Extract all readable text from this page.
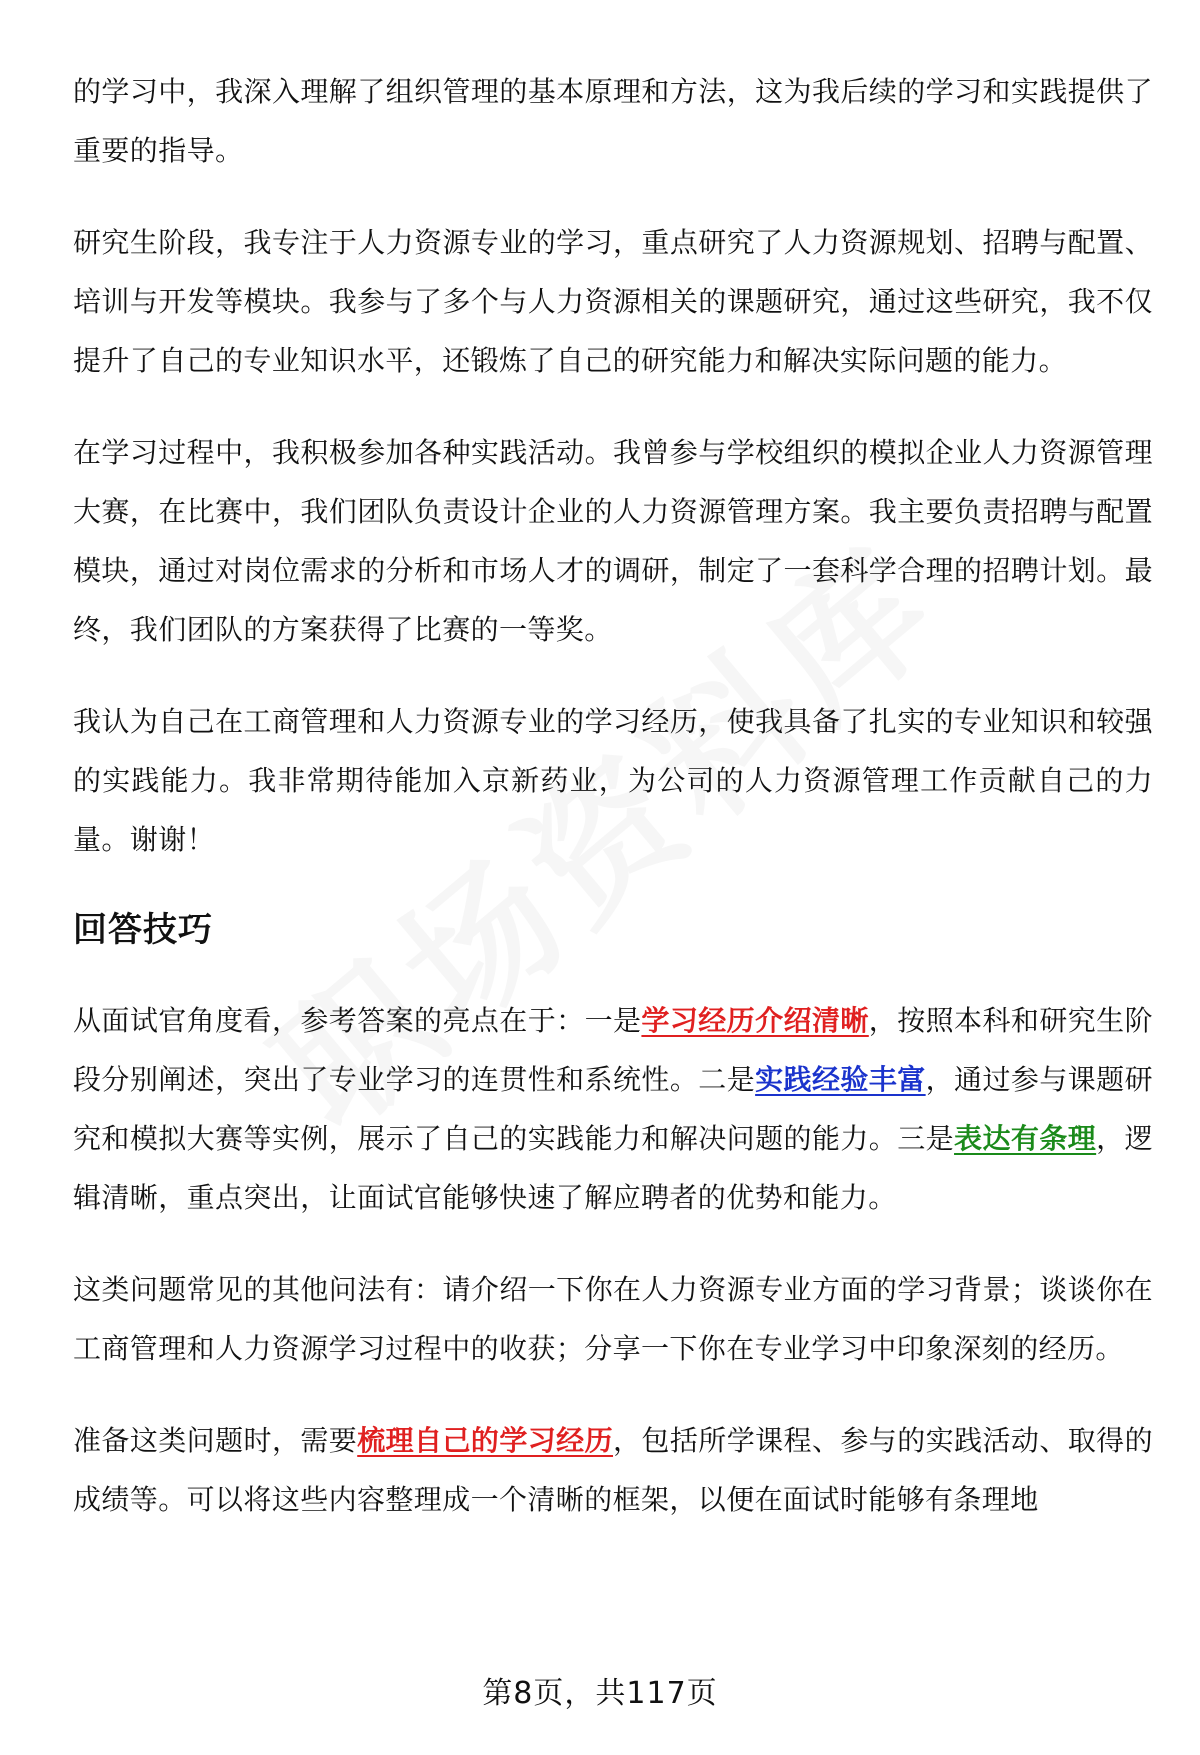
的学习中，我深入理解了组织管理的基本原理和方法，这为我后续的学习和实践提供了重要的指导。

研究生阶段，我专注于人力资源专业的学习，重点研究了人力资源规划、招聘与配置、培训与开发等模块。我参与了多个与人力资源相关的课题研究，通过这些研究，我不仅提升了自己的专业知识水平，还锻炼了自己的研究能力和解决实际问题的能力。

在学习过程中，我积极参加各种实践活动。我曾参与学校组织的模拟企业人力资源管理大赛，在比赛中，我们团队负责设计企业的人力资源管理方案。我主要负责招聘与配置模块，通过对岗位需求的分析和市场人才的调研，制定了一套科学合理的招聘计划。最终，我们团队的方案获得了比赛的一等奖。

我认为自己在工商管理和人力资源专业的学习经历，使我具备了扎实的专业知识和较强的实践能力。我非常期待能加入京新药业，为公司的人力资源管理工作贡献自己的力量。谢谢！

回答技巧

从面试官角度看，参考答案的亮点在于：一是学习经历介绍清晰，按照本科和研究生阶段分别阐述，突出了专业学习的连贯性和系统性。二是实践经验丰富，通过参与课题研究和模拟大赛等实例，展示了自己的实践能力和解决问题的能力。三是表达有条理，逻辑清晰，重点突出，让面试官能够快速了解应聘者的优势和能力。

这类问题常见的其他问法有：请介绍一下你在人力资源专业方面的学习背景；谈谈你在工商管理和人力资源学习过程中的收获；分享一下你在专业学习中印象深刻的经历。

准备这类问题时，需要梳理自己的学习经历，包括所学课程、参与的实践活动、取得的成绩等。可以将这些内容整理成一个清晰的框架，以便在面试时能够有条理地

第8页，共117页
